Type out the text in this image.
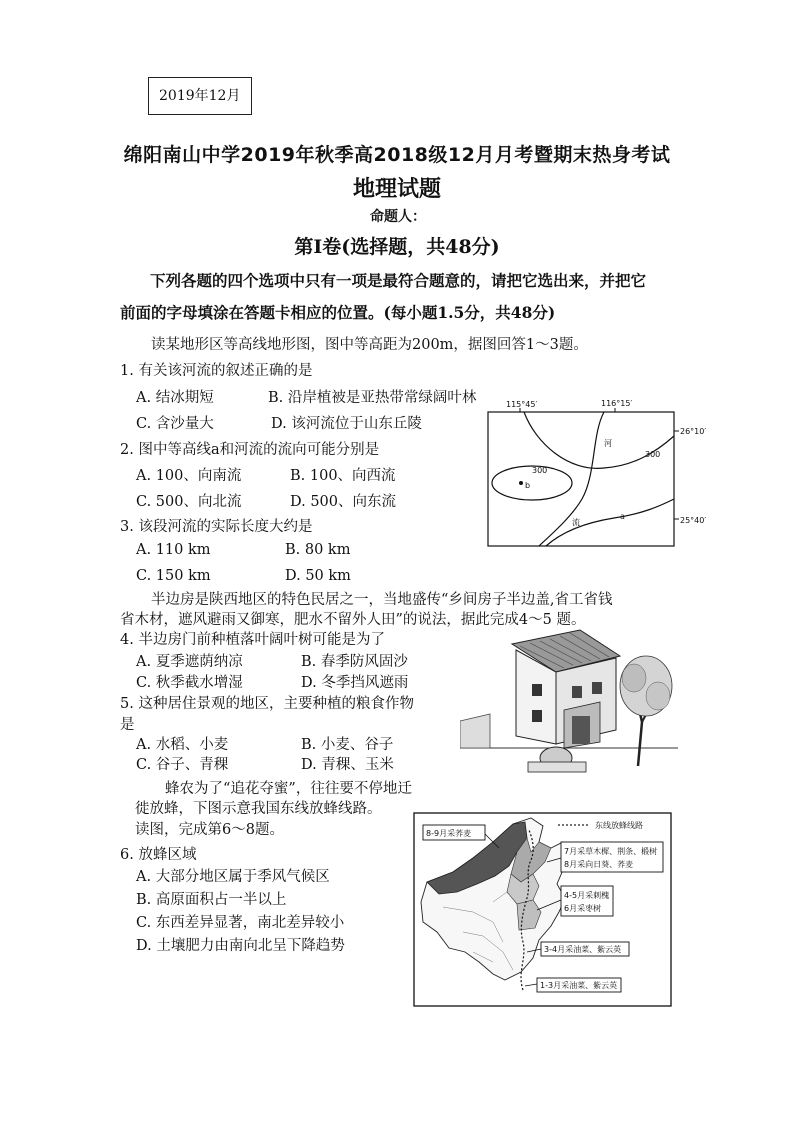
2019年12月
绵阳南山中学2019年秋季高2018级12月月考暨期末热身考试
地理试题
命题人：
第Ⅰ卷(选择题，共48分)
下列各题的四个选项中只有一项是最符合题意的，请把它选出来，并把它
前面的字母填涂在答题卡相应的位置。(每小题1.5分，共48分)
读某地形区等高线地形图，图中等高距为200m，据图回答1～3题。
1. 有关该河流的叙述正确的是
A. 结冰期短	B. 沿岸植被是亚热带常绿阔叶林
C. 含沙量大	D. 该河流位于山东丘陵
2. 图中等高线a和河流的流向可能分别是
A. 100、向南流	B. 100、向西流
C. 500、向北流	D. 500、向东流
3. 该段河流的实际长度大约是
A. 110 km	B. 80 km
C. 150 km	D. 50 km
115°45′	116°15′
26°10′
25°40′
b
300
300
a
河
流
半边房是陕西地区的特色民居之一，当地盛传“乡间房子半边盖,省工省钱
省木材，遮风避雨又御寒，肥水不留外人田”的说法，据此完成4～5 题。
4. 半边房门前种植落叶阔叶树可能是为了
A. 夏季遮荫纳凉	B. 春季防风固沙
C. 秋季截水增湿	D. 冬季挡风遮雨
5. 这种居住景观的地区，主要种植的粮食作物
是
A. 水稻、小麦	B. 小麦、谷子
C. 谷子、青稞	D. 青稞、玉米
蜂农为了“追花夺蜜”，往往要不停地迁
徙放蜂，下图示意我国东线放蜂线路。
读图，完成第6～8题。
6. 放蜂区域
A. 大部分地区属于季风气候区
B. 高原面积占一半以上
C. 东西差异显著，南北差异较小
D. 土壤肥力由南向北呈下降趋势
东线放蜂线路
8-9月采荞麦
7月采草木樨、荆条、椴树
8月采向日葵、荞麦
4-5月采刺槐
6月采枣树
3-4月采油菜、紫云英
1-3月采油菜、紫云英
